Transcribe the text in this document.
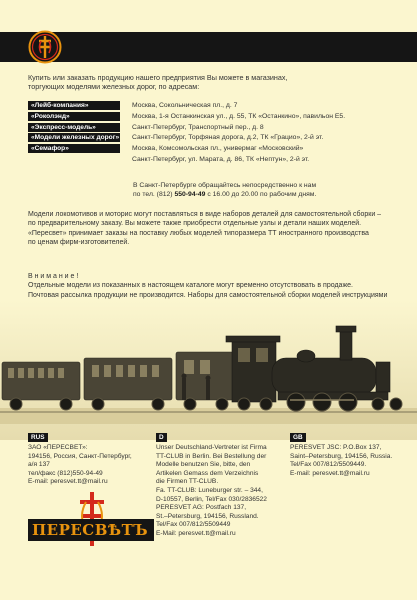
Купить или заказать продукцию нашего предприятия Вы можете в магазинах,
торгующих моделями железных дорог, по адресам:
«Лейб-компания»	Москва, Сокольническая пл., д. 7
«Роколэнд»	Москва, 1-я Останкинская ул., д. 55, ТК «Останкино», павильон Е5.
«Экспресс-модель»	Санкт-Петербург, Транспортный пер., д. 8
«Модели железных дорог» Санкт-Петербург, Торфяная дорога, д.2, ТК «Грацио», 2-й эт.
«Семафор»	Москва, Комсомольская пл., универмаг «Московский»
Санкт-Петербург, ул. Марата, д. 86, ТК «Нептун», 2-й эт.
В Санкт-Петербурге обращайтесь непосредственно к нам
по тел. (812) 550-94-49 с 16.00 до 20.00 по рабочим дням.
Модели локомотивов и моторис могут поставляться в виде наборов деталей для самостоятельной сборки –
по предварительному заказу. Вы можете также приобрести отдельные узлы и детали наших моделей.
«Пересвет» принимает заказы на поставку любых моделей типоразмера ТТ иностранного производства
по ценам фирм-изготовителей.
В н и м а н и е !
Отдельные модели из показанных в настоящем каталоге могут временно отсутствовать в продаже.
Почтовая рассылка продукции не производится. Наборы для самостоятельной сборки моделей инструкциями
RUS
ЗАО «ПЕРЕСВЕТ»:
194156, Россия, Санкт-Петербург,
а/я 137
тел/факс (812)550-94-49
E-mail: peresvet.tt@mail.ru
D
Unser Deutschland-Vertreter ist Firma
TT-CLUB in Berlin. Bei Bestellung der
Modelle benutzen Sie, bitte, den
Artikelen Gemass dem Verzeichnis
die Firmen TT-CLUB.
Fa. TT-CLUB: Luneburger str. – 344,
D-10557, Berlin, Tel/Fax 030/2836522
PERESVET AG: Postfach 137,
St.–Petersburg, 194156, Russland.
Tel/Fax 007/812/5509449
E-Mail: peresvet.tt@mail.ru
GB
PERESVET JSC: P.O.Box 137,
Saint–Petersburg, 194156, Russia.
Tel/Fax 007/812/5509449.
E-mail: peresvet.tt@mail.ru
ПЕРЕСВѢТЪ
